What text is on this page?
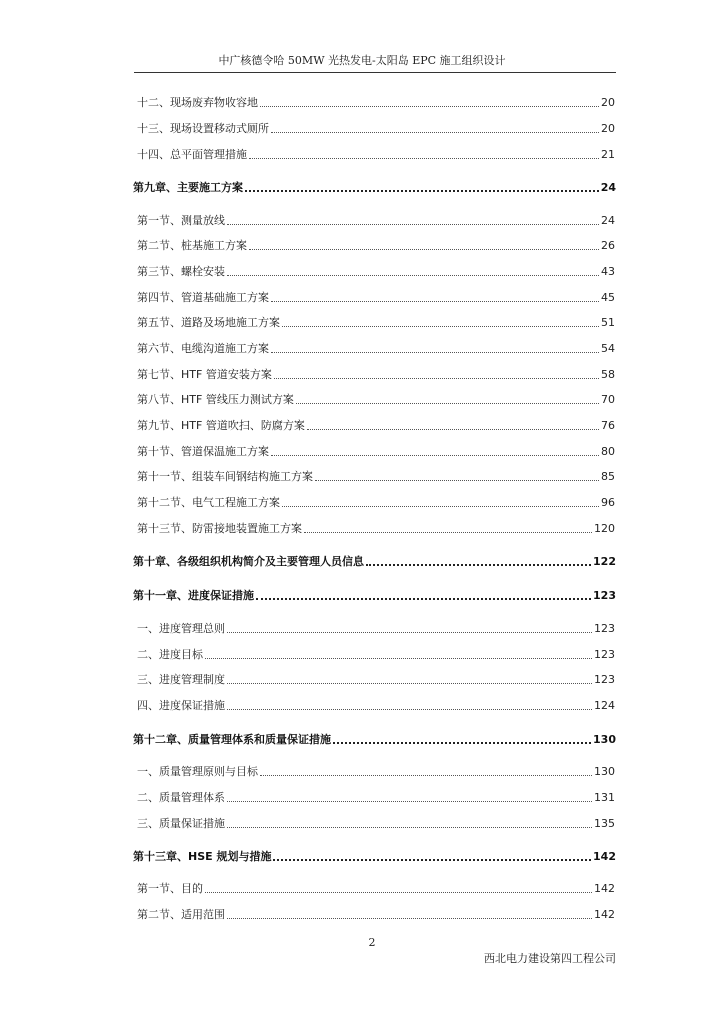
中广核德令哈 50MW 光热发电-太阳岛 EPC 施工组织设计
十二、现场废弃物收容地	20
十三、现场设置移动式厕所	20
十四、总平面管理措施	21
第九章、主要施工方案	24
第一节、测量放线	24
第二节、桩基施工方案	26
第三节、螺栓安装	43
第四节、管道基础施工方案	45
第五节、道路及场地施工方案	51
第六节、电缆沟道施工方案	54
第七节、HTF 管道安装方案	58
第八节、HTF 管线压力测试方案	70
第九节、HTF 管道吹扫、防腐方案	76
第十节、管道保温施工方案	80
第十一节、组装车间钢结构施工方案	85
第十二节、电气工程施工方案	96
第十三节、防雷接地装置施工方案	120
第十章、各级组织机构简介及主要管理人员信息	122
第十一章、进度保证措施	123
一、进度管理总则	123
二、进度目标	123
三、进度管理制度	123
四、进度保证措施	124
第十二章、质量管理体系和质量保证措施	130
一、质量管理原则与目标	130
二、质量管理体系	131
三、质量保证措施	135
第十三章、HSE 规划与措施	142
第一节、目的	142
第二节、适用范围	142
2
西北电力建设第四工程公司
